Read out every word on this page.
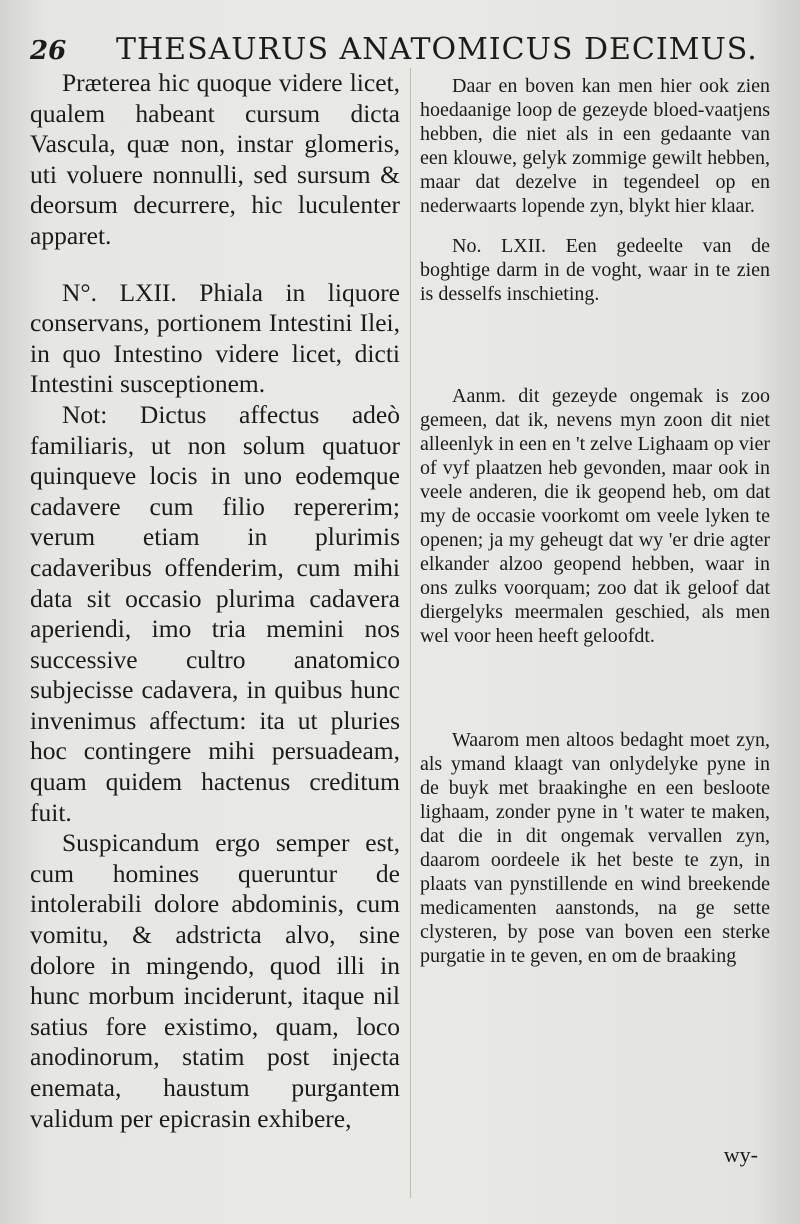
26 THESAURUS ANATOMICUS DECIMUS.

Præterea hic quoque videre licet, qualem habeant cursum dicta Vascula, quæ non, instar glomeris, uti voluere nonnulli, sed sursum & deorsum decurrere, hic luculenter apparet.

N°. LXII. Phiala in liquore conservans, portionem Intestini Ilei, in quo Intestino videre licet, dicti Intestini susceptionem.

Not: Dictus affectus adeò familiaris, ut non solum quatuor quinqueve locis in uno eodemque cadavere cum filio repererim; verum etiam in plurimis cadaveribus offenderim, cum mihi data sit occasio plurima cadavera aperiendi, imo tria memini nos successive cultro anatomico subjecisse cadavera, in quibus hunc invenimus affectum: ita ut pluries hoc contingere mihi persuadeam, quam quidem hactenus creditum fuit.

Suspicandum ergo semper est, cum homines queruntur de intolerabili dolore abdominis, cum vomitu, & adstricta alvo, sine dolore in mingendo, quod illi in hunc morbum inciderunt, itaque nil satius fore existimo, quam, loco anodinorum, statim post injecta enemata, haustum purgantem validum per epicrasin exhibere,

Daar en boven kan men hier ook zien hoedaanige loop de gezeyde bloed-vaatjens hebben, die niet als in een gedaante van een klouwe, gelyk zommige gewilt hebben, maar dat dezelve in tegendeel op en nederwaarts lopende zyn, blykt hier klaar.

No. LXII. Een gedeelte van de boghtige darm in de voght, waar in te zien is desselfs inschieting.

Aanm. dit gezeyde ongemak is zoo gemeen, dat ik, nevens myn zoon dit niet alleenlyk in een en 't zelve Lighaam op vier of vyf plaatzen heb gevonden, maar ook in veele anderen, die ik geopend heb, om dat my de occasie voorkomt om veele lyken te openen; ja my geheugt dat wy 'er drie agter elkander alzoo geopend hebben, waar in ons zulks voorquam; zoo dat ik geloof dat diergelyks meermalen geschied, als men wel voor heen heeft geloofdt.

Waarom men altoos bedaght moet zyn, als ymand klaagt van onlydelyke pyne in de buyk met braakinghe en een besloote lighaam, zonder pyne in 't water te maken, dat die in dit ongemak vervallen zyn, daarom oordeele ik het beste te zyn, in plaats van pynstillende en wind breekende medicamenten aanstonds, na ge sette clysteren, by pose van boven een sterke purgatie in te geven, en om de braaking

wy-
